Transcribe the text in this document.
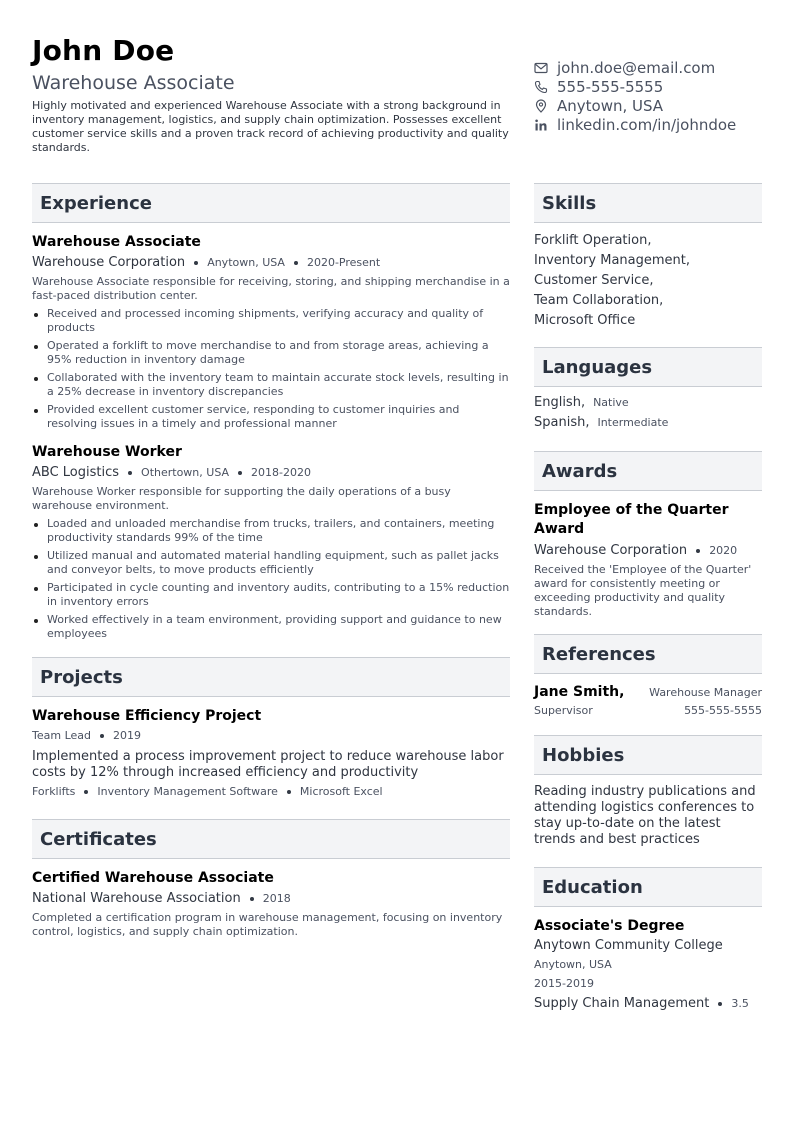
John Doe
Warehouse Associate

Highly motivated and experienced Warehouse Associate with a strong background in inventory management, logistics, and supply chain optimization. Possesses excellent customer service skills and a proven track record of achieving productivity and quality standards.

john.doe@email.com
555-555-5555
Anytown, USA
linkedin.com/in/johndoe
Experience
Warehouse Associate
Warehouse Corporation Anytown, USA 2020-Present
Warehouse Associate responsible for receiving, storing, and shipping merchandise in a fast-paced distribution center.
Received and processed incoming shipments, verifying accuracy and quality of products
Operated a forklift to move merchandise to and from storage areas, achieving a 95% reduction in inventory damage
Collaborated with the inventory team to maintain accurate stock levels, resulting in a 25% decrease in inventory discrepancies
Provided excellent customer service, responding to customer inquiries and resolving issues in a timely and professional manner
Warehouse Worker
ABC Logistics Othertown, USA 2018-2020
Warehouse Worker responsible for supporting the daily operations of a busy warehouse environment.
Loaded and unloaded merchandise from trucks, trailers, and containers, meeting productivity standards 99% of the time
Utilized manual and automated material handling equipment, such as pallet jacks and conveyor belts, to move products efficiently
Participated in cycle counting and inventory audits, contributing to a 15% reduction in inventory errors
Worked effectively in a team environment, providing support and guidance to new employees
Projects
Warehouse Efficiency Project
Team Lead 2019
Implemented a process improvement project to reduce warehouse labor costs by 12% through increased efficiency and productivity
Forklifts Inventory Management Software Microsoft Excel
Certificates
Certified Warehouse Associate
National Warehouse Association 2018
Completed a certification program in warehouse management, focusing on inventory control, logistics, and supply chain optimization.
Skills
Forklift Operation,
Inventory Management,
Customer Service,
Team Collaboration,
Microsoft Office
Languages
English, Native
Spanish, Intermediate
Awards
Employee of the Quarter Award
Warehouse Corporation 2020
Received the 'Employee of the Quarter' award for consistently meeting or exceeding productivity and quality standards.
References
Jane Smith, Warehouse Manager
Supervisor	555-555-5555
Hobbies
Reading industry publications and attending logistics conferences to stay up-to-date on the latest trends and best practices
Education
Associate's Degree
Anytown Community College
Anytown, USA
2015-2019
Supply Chain Management 3.5
